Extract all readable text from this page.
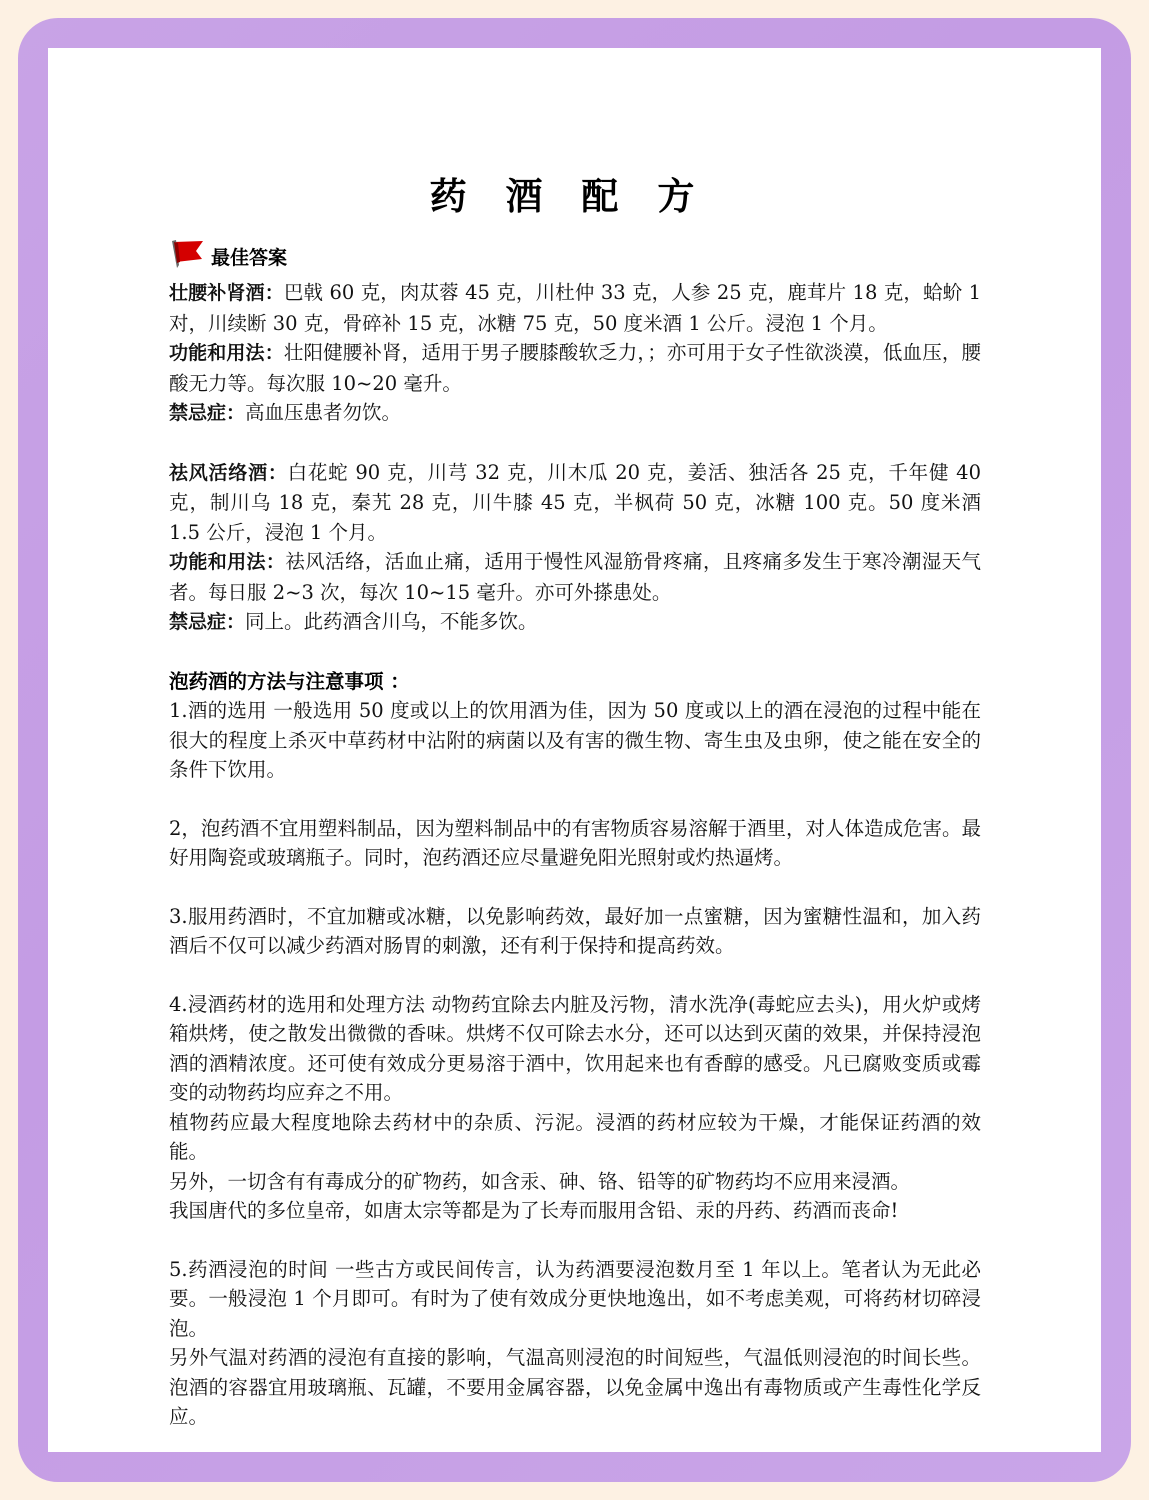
药 酒 配 方
最佳答案

壮腰补肾酒：巴戟 60 克，肉苁蓉 45 克，川杜仲 33 克，人参 25 克，鹿茸片 18 克，蛤蚧 1 对，川续断 30 克，骨碎补 15 克，冰糖 75 克，50 度米酒 1 公斤。浸泡 1 个月。

功能和用法：壮阳健腰补肾，适用于男子腰膝酸软乏力，；亦可用于女子性欲淡漠，低血压，腰酸无力等。每次服 10~20 毫升。

禁忌症：高血压患者勿饮。

祛风活络酒：白花蛇 90 克，川芎 32 克，川木瓜 20 克，姜活、独活各 25 克，千年健 40 克，制川乌 18 克，秦艽 28 克，川牛膝 45 克，半枫荷 50 克，冰糖 100 克。50 度米酒 1.5 公斤，浸泡 1 个月。

功能和用法：祛风活络，活血止痛，适用于慢性风湿筋骨疼痛，且疼痛多发生于寒冷潮湿天气者。每日服 2~3 次，每次 10~15 毫升。亦可外搽患处。

禁忌症：同上。此药酒含川乌，不能多饮。

泡药酒的方法与注意事项 ：

1.酒的选用 一般选用 50 度或以上的饮用酒为佳，因为 50 度或以上的酒在浸泡的过程中能在很大的程度上杀灭中草药材中沾附的病菌以及有害的微生物、寄生虫及虫卵，使之能在安全的条件下饮用。

2，泡药酒不宜用塑料制品，因为塑料制品中的有害物质容易溶解于酒里，对人体造成危害。最好用陶瓷或玻璃瓶子。同时，泡药酒还应尽量避免阳光照射或灼热逼烤。

3.服用药酒时，不宜加糖或冰糖，以免影响药效，最好加一点蜜糖，因为蜜糖性温和，加入药酒后不仅可以减少药酒对肠胃的刺激，还有利于保持和提高药效。

4.浸酒药材的选用和处理方法 动物药宜除去内脏及污物，清水洗净(毒蛇应去头)，用火炉或烤箱烘烤，使之散发出微微的香味。烘烤不仅可除去水分，还可以达到灭菌的效果，并保持浸泡酒的酒精浓度。还可使有效成分更易溶于酒中，饮用起来也有香醇的感受。凡已腐败变质或霉变的动物药均应弃之不用。

植物药应最大程度地除去药材中的杂质、污泥。浸酒的药材应较为干燥，才能保证药酒的效能。

另外，一切含有有毒成分的矿物药，如含汞、砷、铬、铅等的矿物药均不应用来浸酒。

我国唐代的多位皇帝，如唐太宗等都是为了长寿而服用含铅、汞的丹药、药酒而丧命!

5.药酒浸泡的时间 一些古方或民间传言，认为药酒要浸泡数月至 1 年以上。笔者认为无此必要。一般浸泡 1 个月即可。有时为了使有效成分更快地逸出，如不考虑美观，可将药材切碎浸泡。

另外气温对药酒的浸泡有直接的影响，气温高则浸泡的时间短些，气温低则浸泡的时间长些。泡酒的容器宜用玻璃瓶、瓦罐，不要用金属容器，以免金属中逸出有毒物质或产生毒性化学反应。
